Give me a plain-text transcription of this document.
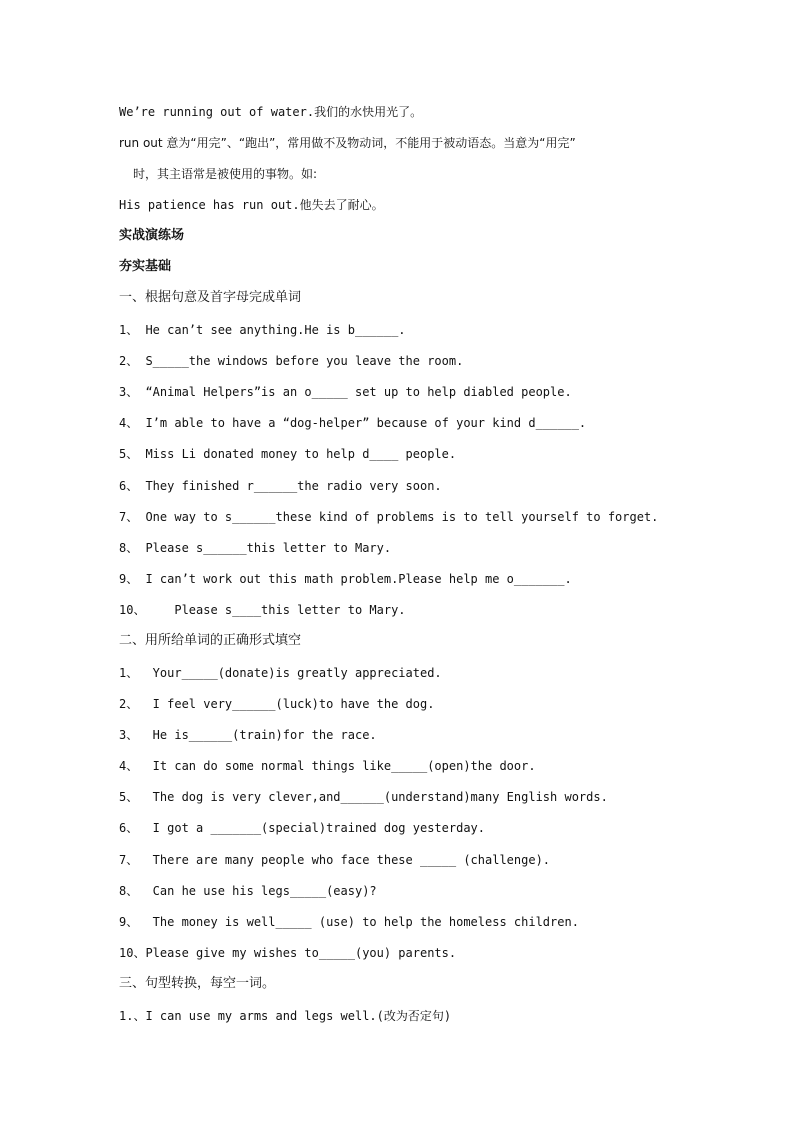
We’re running out of water.我们的水快用光了。
run out 意为“用完”、“跑出”，常用做不及物动词，不能用于被动语态。当意为“用完”
时，其主语常是被使用的事物。如:
His patience has run out.他失去了耐心。
实战演练场
夯实基础
一、根据句意及首字母完成单词
1、 He can’t see anything.He is b______.
2、 S_____the windows before you leave the room.
3、 “Animal Helpers”is an o_____ set up to help diabled people.
4、 I’m able to have a “dog-helper” because of your kind d______.
5、 Miss Li donated money to help d____ people.
6、 They finished r______the radio very soon.
7、 One way to s______these kind of problems is to tell yourself to forget.
8、 Please s______this letter to Mary.
9、 I can’t work out this math problem.Please help me o_______.
10、    Please s____this letter to Mary.
二、用所给单词的正确形式填空
1、  Your_____(donate)is greatly appreciated.
2、  I feel very______(luck)to have the dog.
3、  He is______(train)for the race.
4、  It can do some normal things like_____(open)the door.
5、  The dog is very clever,and______(understand)many English words.
6、  I got a _______(special)trained dog yesterday.
7、  There are many people who face these _____ (challenge).
8、  Can he use his legs_____(easy)?
9、  The money is well_____ (use) to help the homeless children.
10、Please give my wishes to_____(you) parents.
三、句型转换，每空一词。
1.、I can use my arms and legs well.(改为否定句)
